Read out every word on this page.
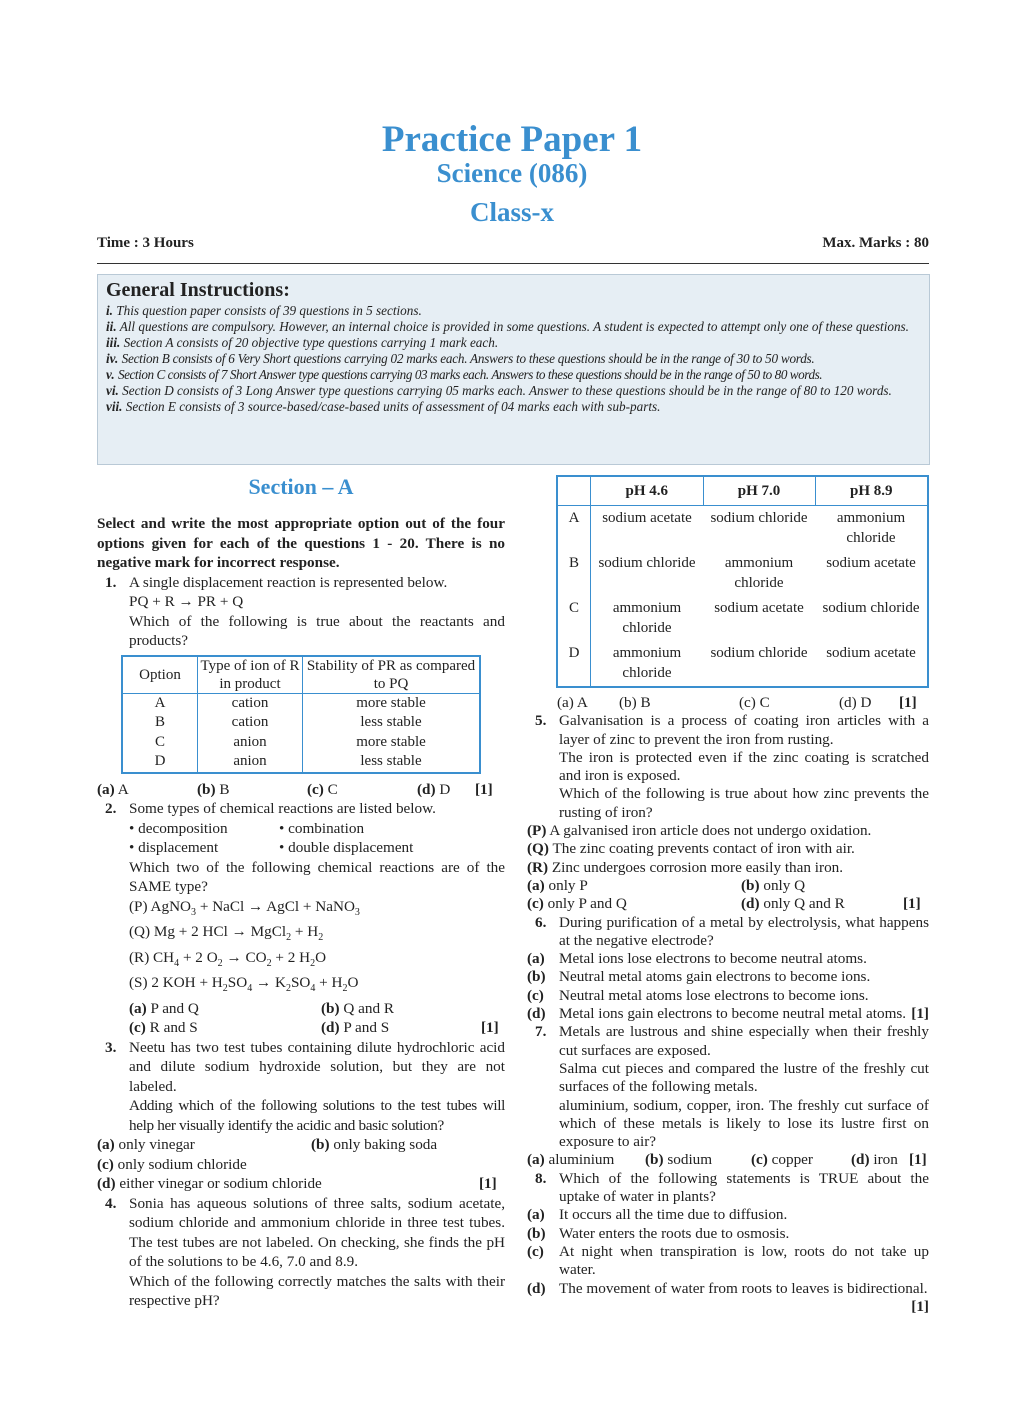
Practice Paper 1
Science (086)
Class-x
Time : 3 Hours	Max. Marks : 80
General Instructions:
i. This question paper consists of 39 questions in 5 sections.
ii. All questions are compulsory. However, an internal choice is provided in some questions. A student is expected to attempt only one of these questions.
iii. Section A consists of 20 objective type questions carrying 1 mark each.
iv. Section B consists of 6 Very Short questions carrying 02 marks each. Answers to these questions should be in the range of 30 to 50 words.
v. Section C consists of 7 Short Answer type questions carrying 03 marks each. Answers to these questions should be in the range of 50 to 80 words.
vi. Section D consists of 3 Long Answer type questions carrying 05 marks each. Answer to these questions should be in the range of 80 to 120 words.
vii. Section E consists of 3 source-based/case-based units of assessment of 04 marks each with sub-parts.
Section – A

Select and write the most appropriate option out of the four options given for each of the questions 1 - 20. There is no negative mark for incorrect response.

1. A single displacement reaction is represented below.
PQ + R → PR + Q
Which of the following is true about the reactants and products?
Option	Type of ion of R in product	Stability of PR as compared to PQ
A	cation	more stable
B	cation	less stable
C	anion	more stable
D	anion	less stable
(a) A	(b) B	(c) C	(d) D	[1]
2. Some types of chemical reactions are listed below.
• decomposition	• combination
• displacement	• double displacement
Which two of the following chemical reactions are of the SAME type?
(P) AgNO$_3$ + NaCl → AgCl + NaNO$_3$
(Q) Mg + 2 HCl → MgCl$_2$ + $H_2$
(R) $CH_4 + 2$ $O_2 \to CO_2 + 2$ $H_2O$
(S) 2 KOH + $H_2SO_4 \to K_2SO_4 + H_2O$
(a) P and Q	(b) Q and R
(c) R and S	(d) P and S	[1]
3. Neetu has two test tubes containing dilute hydrochloric acid and dilute sodium hydroxide solution, but they are not labeled.
Adding which of the following solutions to the test tubes will help her visually identify the acidic and basic solution?
(a) only vinegar	(b) only baking soda
(c) only sodium chloride
(d) either vinegar or sodium chloride	[1]
4. Sonia has aqueous solutions of three salts, sodium acetate, sodium chloride and ammonium chloride in three test tubes. The test tubes are not labeled. On checking, she finds the pH of the solutions to be 4.6, 7.0 and 8.9.
Which of the following correctly matches the salts with their respective pH?
	pH 4.6	pH 7.0	pH 8.9
A	sodium acetate	sodium chloride	ammonium chloride
B	sodium chloride	ammonium chloride	sodium acetate
C	ammonium chloride	sodium acetate	sodium chloride
D	ammonium chloride	sodium chloride	sodium acetate
(a) A	(b) B	(c) C	(d) D	[1]
5. Galvanisation is a process of coating iron articles with a layer of zinc to prevent the iron from rusting.
The iron is protected even if the zinc coating is scratched and iron is exposed.
Which of the following is true about how zinc prevents the rusting of iron?
(P) A galvanised iron article does not undergo oxidation.
(Q) The zinc coating prevents contact of iron with air.
(R) Zinc undergoes corrosion more easily than iron.
(a) only P	(b) only Q
(c) only P and Q	(d) only Q and R	[1]
6. During purification of a metal by electrolysis, what happens at the negative electrode?
(a) Metal ions lose electrons to become neutral atoms.
(b) Neutral metal atoms gain electrons to become ions.
(c) Neutral metal atoms lose electrons to become ions.
(d) Metal ions gain electrons to become neutral metal atoms. [1]
7. Metals are lustrous and shine especially when their freshly cut surfaces are exposed.
Salma cut pieces and compared the lustre of the freshly cut surfaces of the following metals.
aluminium, sodium, copper, iron. The freshly cut surface of which of these metals is likely to lose its lustre first on exposure to air?
(a) aluminium	(b) sodium	(c) copper	(d) iron [1]
8. Which of the following statements is TRUE about the uptake of water in plants?
(a) It occurs all the time due to diffusion.
(b) Water enters the roots due to osmosis.
(c) At night when transpiration is low, roots do not take up water.
(d) The movement of water from roots to leaves is bidirectional.
[1]
